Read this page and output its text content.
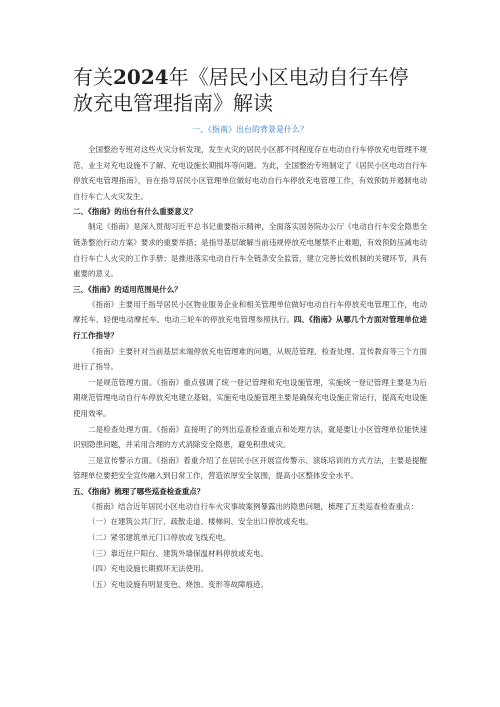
有关2024年《居民小区电动自行车停放充电管理指南》解读
一、《指南》出台的背景是什么？

全国整治专班对这些火灾分析发现，发生火灾的居民小区都不同程度存在电动自行车停放充电管理不规范、业主对充电设施不了解、充电设施长期损坏等问题。为此，全国整治专班制定了《居民小区电动自行车停放充电管理指南》，旨在指导居民小区管理单位做好电动自行车停放充电管理工作，有效预防并遏制电动自行车亡人火灾发生。

二、《指南》的出台有什么重要意义？

制定《指南》是深入贯彻习近平总书记重要指示精神，全面落实国务院办公厅《电动自行车安全隐患全链条整治行动方案》要求的重要举措；是指导基层破解当前违规停放充电屡禁不止难题，有效预防压减电动自行车亡人火灾的工作手册；是推进落实电动自行车全链条安全监管，建立完善长效机制的关键环节，具有重要的意义。

三、《指南》的适用范围是什么？

《指南》主要用于指导居民小区物业服务企业和相关管理单位做好电动自行车停放充电管理工作，电动摩托车、轻便电动摩托车、电动三轮车的停放充电管理参照执行。四、《指南》从哪几个方面对管理单位进行工作指导？

《指南》主要针对当前基层末端停放充电管理难的问题，从规范管理、检查处理、宣传教育等三个方面进行了指导。

一是规范管理方面。《指南》重点强调了统一登记管理和充电设施管理，实施统一登记管理主要是为后期规范管理电动自行车停放充电建立基础，实施充电设施管理主要是确保充电设施正常运行，提高充电设施使用效率。

二是检查处理方面。《指南》直接明了的列出巡查检查重点和处理方法，就是要让小区管理单位能快速识别隐患问题，并采用合理的方式消除安全隐患，避免积患成灾。

三是宣传警示方面。《指南》着重介绍了在居民小区开展宣传警示、演练培训的方式方法，主要是提醒管理单位要把安全宣传融入到日常工作，营造浓厚安全氛围，提高小区整体安全水平。

五、《指南》梳理了哪些巡查检查重点？

《指南》结合近年居民小区电动自行车火灾事故案例暴露出的隐患问题，梳理了五类巡查检查重点：

（一）在建筑公共门厅、疏散走道、楼梯间、安全出口停放或充电。
（二）紧邻建筑单元门口停放或飞线充电。
（三）靠近住户阳台、建筑外墙保温材料停放或充电。
（四）充电设施长期损坏无法使用。
（五）充电设施有明显变色、烧蚀、变形等故障痕迹。
